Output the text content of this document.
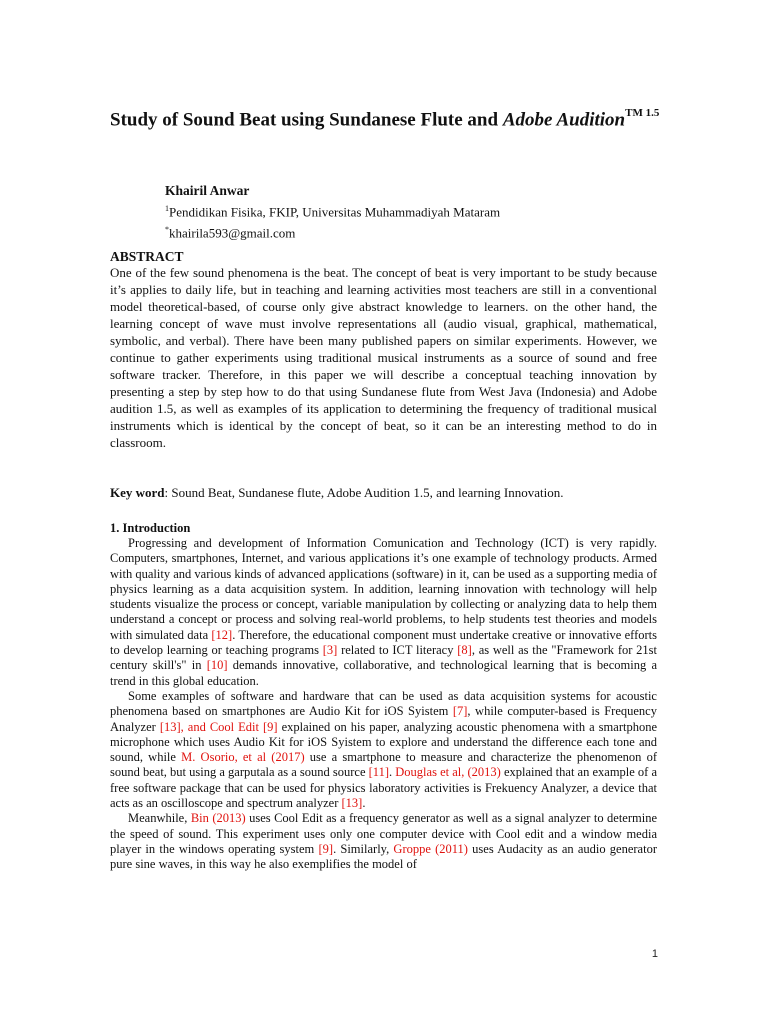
Study of Sound Beat using Sundanese Flute and Adobe Audition$^{TM 1.5}$
Khairil Anwar
$^1$Pendidikan Fisika, FKIP, Universitas Muhammadiyah Mataram
*khairila593@gmail.com
ABSTRACT

One of the few sound phenomena is the beat. The concept of beat is very important to be study because it’s applies to daily life, but in teaching and learning activities most teachers are still in a conventional model theoretical-based, of course only give abstract knowledge to learners. on the other hand, the learning concept of wave must involve representations all (audio visual, graphical, mathematical, symbolic, and verbal). There have been many published papers on similar experiments. However, we continue to gather experiments using traditional musical instruments as a source of sound and free software tracker. Therefore, in this paper we will describe a conceptual teaching innovation by presenting a step by step how to do that using Sundanese flute from West Java (Indonesia) and Adobe audition 1.5, as well as examples of its application to determining the frequency of traditional musical instruments which is identical by the concept of beat, so it can be an interesting method to do in classroom.

Key word: Sound Beat, Sundanese flute, Adobe Audition 1.5, and learning Innovation.

1. Introduction

Progressing and development of Information Comunication and Technology (ICT) is very rapidly. Computers, smartphones, Internet, and various applications it’s one example of technology products. Armed with quality and various kinds of advanced applications (software) in it, can be used as a supporting media of physics learning as a data acquisition system. In addition, learning innovation with technology will help students visualize the process or concept, variable manipulation by collecting or analyzing data to help them understand a concept or process and solving real-world problems, to help students test theories and models with simulated data [12]. Therefore, the educational component must undertake creative or innovative efforts to develop learning or teaching programs [3] related to ICT literacy [8], as well as the "Framework for 21st century skill's" in [10] demands innovative, collaborative, and technological learning that is becoming a trend in this global education.

Some examples of software and hardware that can be used as data acquisition systems for acoustic phenomena based on smartphones are Audio Kit for iOS Syistem [7], while computer-based is Frequency Analyzer [13], and Cool Edit [9] explained on his paper, analyzing acoustic phenomena with a smartphone microphone which uses Audio Kit for iOS Syistem to explore and understand the difference each tone and sound, while M. Osorio, et al (2017) use a smartphone to measure and characterize the phenomenon of sound beat, but using a garputala as a sound source [11]. Douglas et al, (2013) explained that an example of a free software package that can be used for physics laboratory activities is Frekuency Analyzer, a device that acts as an oscilloscope and spectrum analyzer [13].

Meanwhile, Bin (2013) uses Cool Edit as a frequency generator as well as a signal analyzer to determine the speed of sound. This experiment uses only one computer device with Cool edit and a window media player in the windows operating system [9]. Similarly, Groppe (2011) uses Audacity as an audio generator pure sine waves, in this way he also exemplifies the model of

1
